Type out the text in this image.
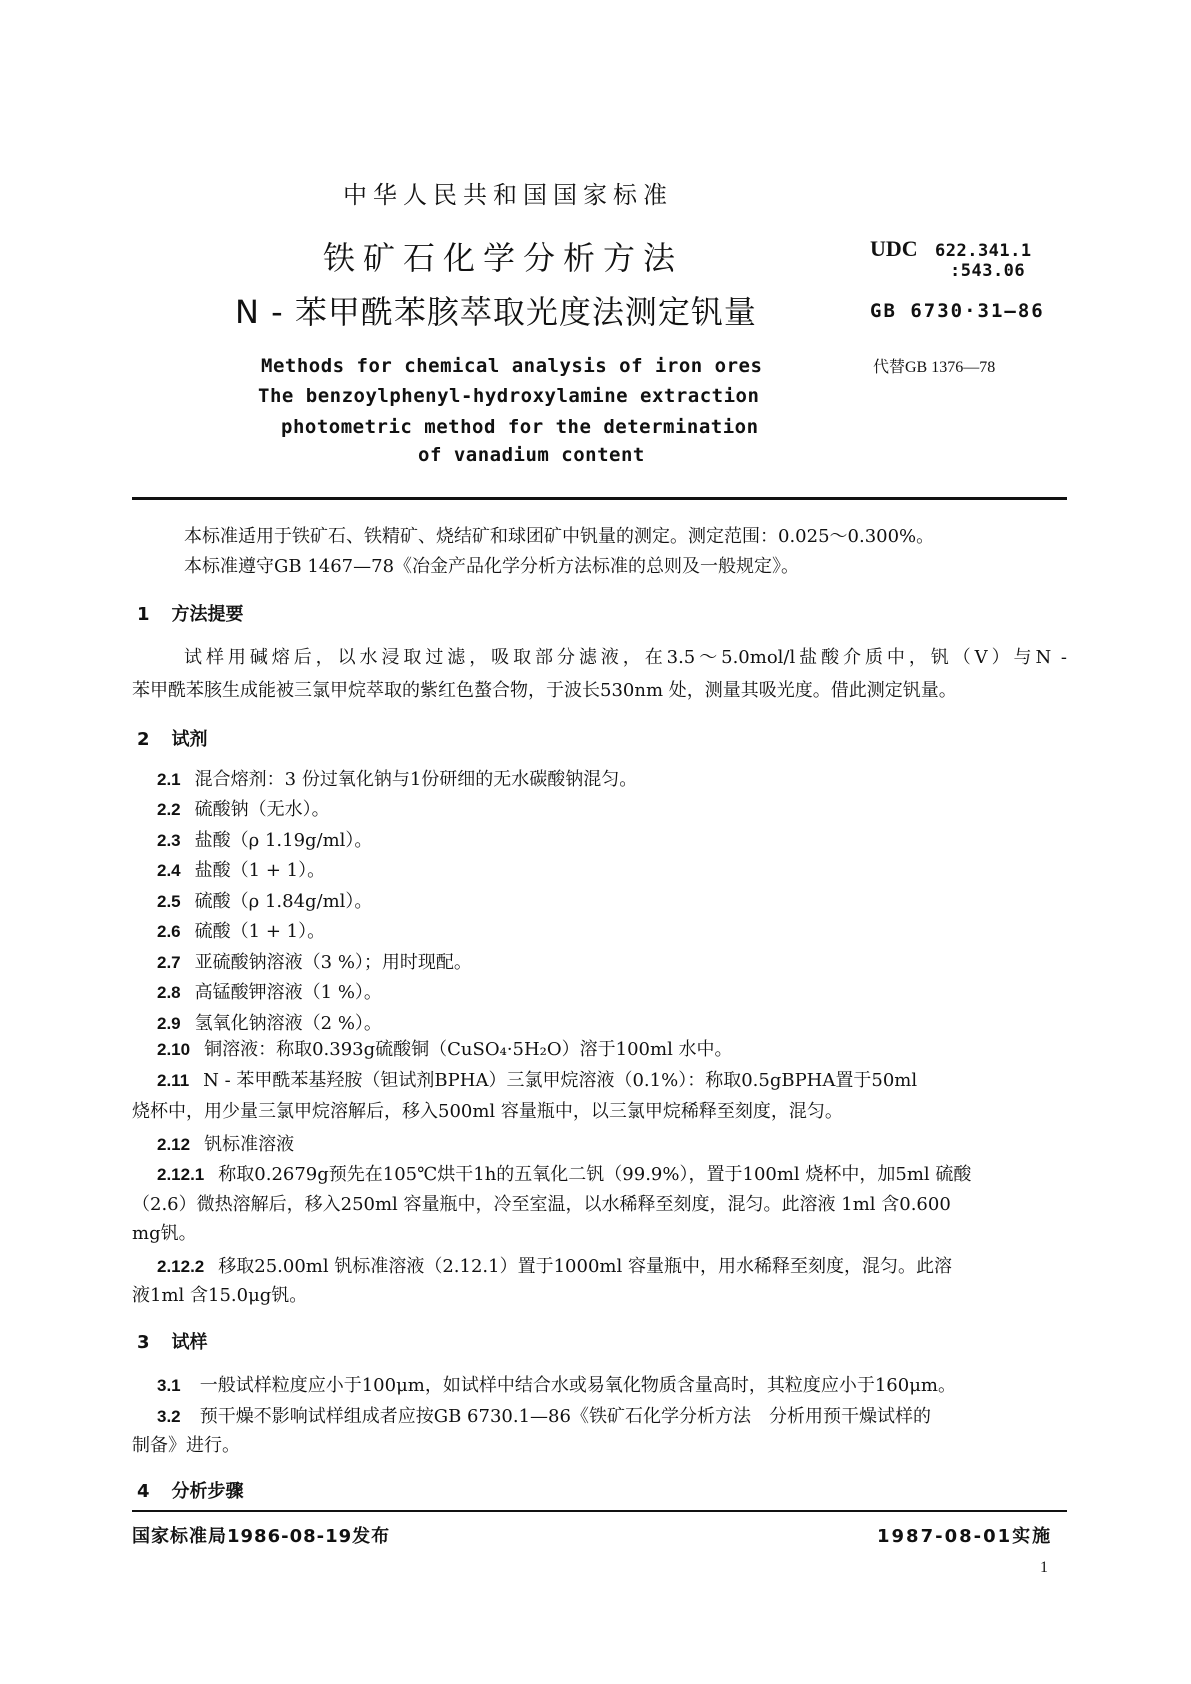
中华人民共和国国家标准
铁矿石化学分析方法
N - 苯甲酰苯胲萃取光度法测定钒量
UDC 622.341.1
:543.06
GB 6730·31—86
代替GB 1376—78
Methods for chemical analysis of iron ores
The benzoylphenyl-hydroxylamine extraction
photometric method for the determination
of vanadium content
本标准适用于铁矿石、铁精矿、烧结矿和球团矿中钒量的测定。测定范围：0.025～0.300%。
本标准遵守GB 1467—78《冶金产品化学分析方法标准的总则及一般规定》。
1 方法提要
试样用碱熔后，以水浸取过滤，吸取部分滤液，在3.5～5.0mol/l盐酸介质中，钒（V）与N -
苯甲酰苯胲生成能被三氯甲烷萃取的紫红色螯合物，于波长530nm 处，测量其吸光度。借此测定钒量。
2 试剂
2.1 混合熔剂：3 份过氧化钠与1份研细的无水碳酸钠混匀。
2.2 硫酸钠（无水）。
2.3 盐酸（ρ 1.19g/ml）。
2.4 盐酸（1 + 1）。
2.5 硫酸（ρ 1.84g/ml）。
2.6 硫酸（1 + 1）。
2.7 亚硫酸钠溶液（3 %）；用时现配。
2.8 高锰酸钾溶液（1 %）。
2.9 氢氧化钠溶液（2 %）。
2.10 铜溶液：称取0.393g硫酸铜（CuSO₄·5H₂O）溶于100ml 水中。
2.11 N - 苯甲酰苯基羟胺（钽试剂BPHA）三氯甲烷溶液（0.1%）：称取0.5gBPHA置于50ml
烧杯中，用少量三氯甲烷溶解后，移入500ml 容量瓶中，以三氯甲烷稀释至刻度，混匀。
2.12 钒标准溶液
2.12.1 称取0.2679g预先在105℃烘干1h的五氧化二钒（99.9%），置于100ml 烧杯中，加5ml 硫酸
（2.6）微热溶解后，移入250ml 容量瓶中，冷至室温，以水稀释至刻度，混匀。此溶液 1ml 含0.600
mg钒。
2.12.2 移取25.00ml 钒标准溶液（2.12.1）置于1000ml 容量瓶中，用水稀释至刻度，混匀。此溶
液1ml 含15.0μg钒。
3 试样
3.1 一般试样粒度应小于100μm，如试样中结合水或易氧化物质含量高时，其粒度应小于160μm。
3.2 预干燥不影响试样组成者应按GB 6730.1—86《铁矿石化学分析方法　分析用预干燥试样的
制备》进行。
4 分析步骤
国家标准局1986-08-19发布	1987-08-01实施
1
